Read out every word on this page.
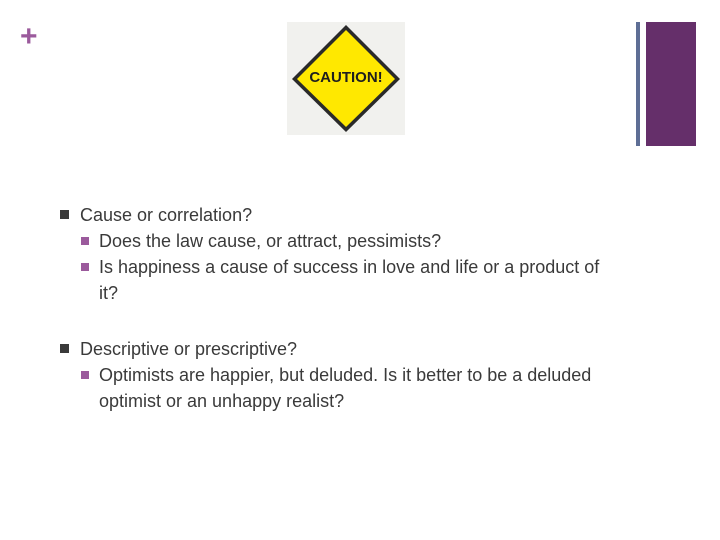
+
CAUTION!
Cause or correlation?
Does the law cause, or attract, pessimists?
Is happiness a cause of success in love and life or a product of it?
Descriptive or prescriptive?
Optimists are happier, but deluded. Is it better to be a deluded optimist or an unhappy realist?
